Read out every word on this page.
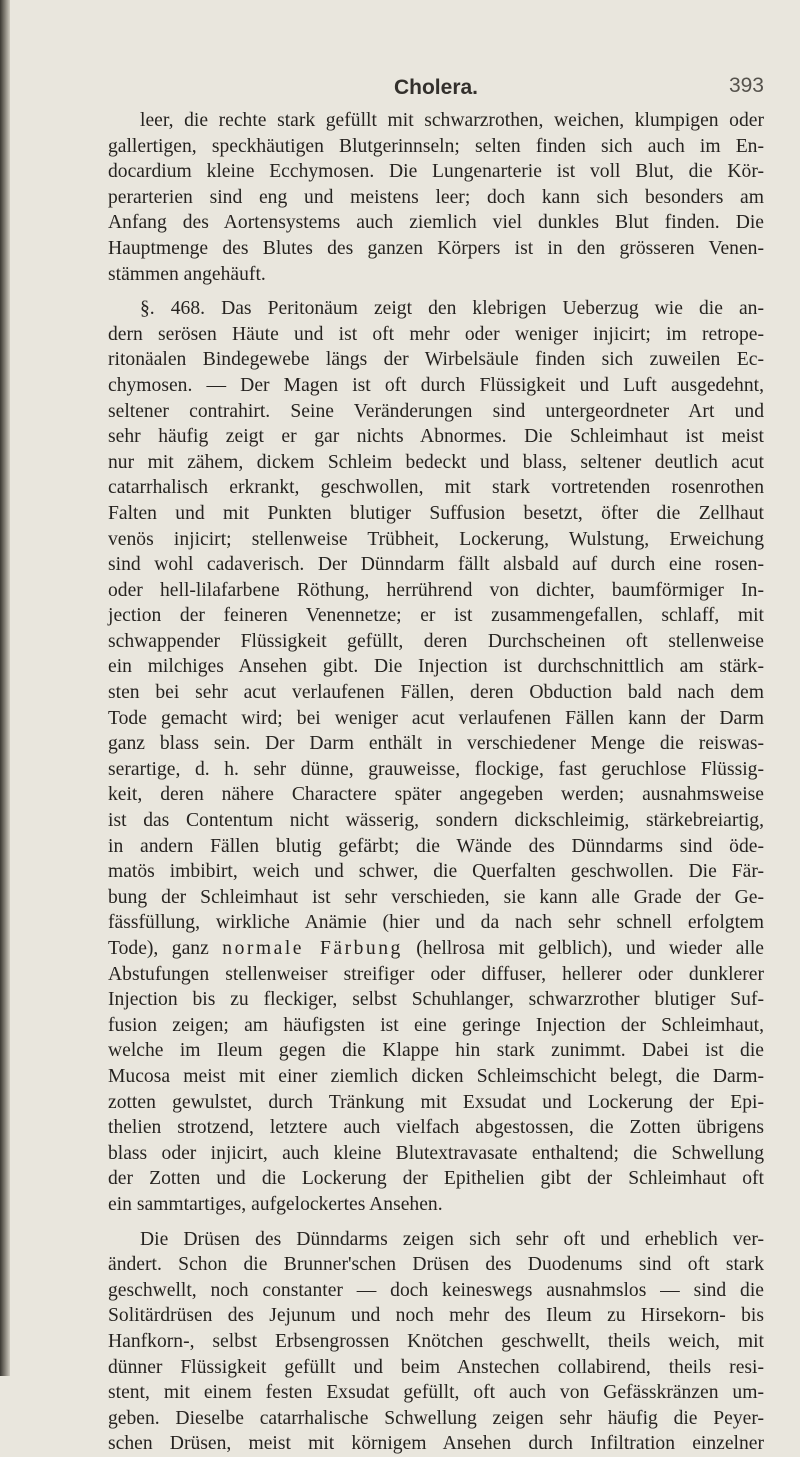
Cholera.	393

leer, die rechte stark gefüllt mit schwarzrothen, weichen, klumpigen oder
gallertigen, speckhäutigen Blutgerinnseln; selten finden sich auch im En-
docardium kleine Ecchymosen. Die Lungenarterie ist voll Blut, die Kör-
perarterien sind eng und meistens leer; doch kann sich besonders am
Anfang des Aortensystems auch ziemlich viel dunkles Blut finden. Die
Hauptmenge des Blutes des ganzen Körpers ist in den grösseren Venen-
stämmen angehäuft.

§. 468. Das Peritonäum zeigt den klebrigen Ueberzug wie die an-
dern serösen Häute und ist oft mehr oder weniger injicirt; im retrope-
ritonäalen Bindegewebe längs der Wirbelsäule finden sich zuweilen Ec-
chymosen. — Der Magen ist oft durch Flüssigkeit und Luft ausgedehnt,
seltener contrahirt. Seine Veränderungen sind untergeordneter Art und
sehr häufig zeigt er gar nichts Abnormes. Die Schleimhaut ist meist
nur mit zähem, dickem Schleim bedeckt und blass, seltener deutlich acut
catarrhalisch erkrankt, geschwollen, mit stark vortretenden rosenrothen
Falten und mit Punkten blutiger Suffusion besetzt, öfter die Zellhaut
venös injicirt; stellenweise Trübheit, Lockerung, Wulstung, Erweichung
sind wohl cadaverisch. Der Dünndarm fällt alsbald auf durch eine rosen-
oder hell-lilafarbene Röthung, herrührend von dichter, baumförmiger In-
jection der feineren Venennetze; er ist zusammengefallen, schlaff, mit
schwappender Flüssigkeit gefüllt, deren Durchscheinen oft stellenweise
ein milchiges Ansehen gibt. Die Injection ist durchschnittlich am stärk-
sten bei sehr acut verlaufenen Fällen, deren Obduction bald nach dem
Tode gemacht wird; bei weniger acut verlaufenen Fällen kann der Darm
ganz blass sein. Der Darm enthält in verschiedener Menge die reiswas-
serartige, d. h. sehr dünne, grauweisse, flockige, fast geruchlose Flüssig-
keit, deren nähere Charactere später angegeben werden; ausnahmsweise
ist das Contentum nicht wässerig, sondern dickschleimig, stärkebreiartig,
in andern Fällen blutig gefärbt; die Wände des Dünndarms sind öde-
matös imbibirt, weich und schwer, die Querfalten geschwollen. Die Fär-
bung der Schleimhaut ist sehr verschieden, sie kann alle Grade der Ge-
fässfüllung, wirkliche Anämie (hier und da nach sehr schnell erfolgtem
Tode), ganz normale Färbung (hellrosa mit gelblich), und wieder alle
Abstufungen stellenweiser streifiger oder diffuser, hellerer oder dunklerer
Injection bis zu fleckiger, selbst Schuhlanger, schwarzrother blutiger Suf-
fusion zeigen; am häufigsten ist eine geringe Injection der Schleimhaut,
welche im Ileum gegen die Klappe hin stark zunimmt. Dabei ist die
Mucosa meist mit einer ziemlich dicken Schleimschicht belegt, die Darm-
zotten gewulstet, durch Tränkung mit Exsudat und Lockerung der Epi-
thelien strotzend, letztere auch vielfach abgestossen, die Zotten übrigens
blass oder injicirt, auch kleine Blutextravasate enthaltend; die Schwellung
der Zotten und die Lockerung der Epithelien gibt der Schleimhaut oft
ein sammtartiges, aufgelockertes Ansehen.

Die Drüsen des Dünndarms zeigen sich sehr oft und erheblich ver-
ändert. Schon die Brunner'schen Drüsen des Duodenums sind oft stark
geschwellt, noch constanter — doch keineswegs ausnahmslos — sind die
Solitärdrüsen des Jejunum und noch mehr des Ileum zu Hirsekorn- bis
Hanfkorn-, selbst Erbsengrossen Knötchen geschwellt, theils weich, mit
dünner Flüssigkeit gefüllt und beim Anstechen collabirend, theils resi-
stent, mit einem festen Exsudat gefüllt, oft auch von Gefässkränzen um-
geben. Dieselbe catarrhalische Schwellung zeigen sehr häufig die Peyer-
schen Drüsen, meist mit körnigem Ansehen durch Infiltration einzelner
